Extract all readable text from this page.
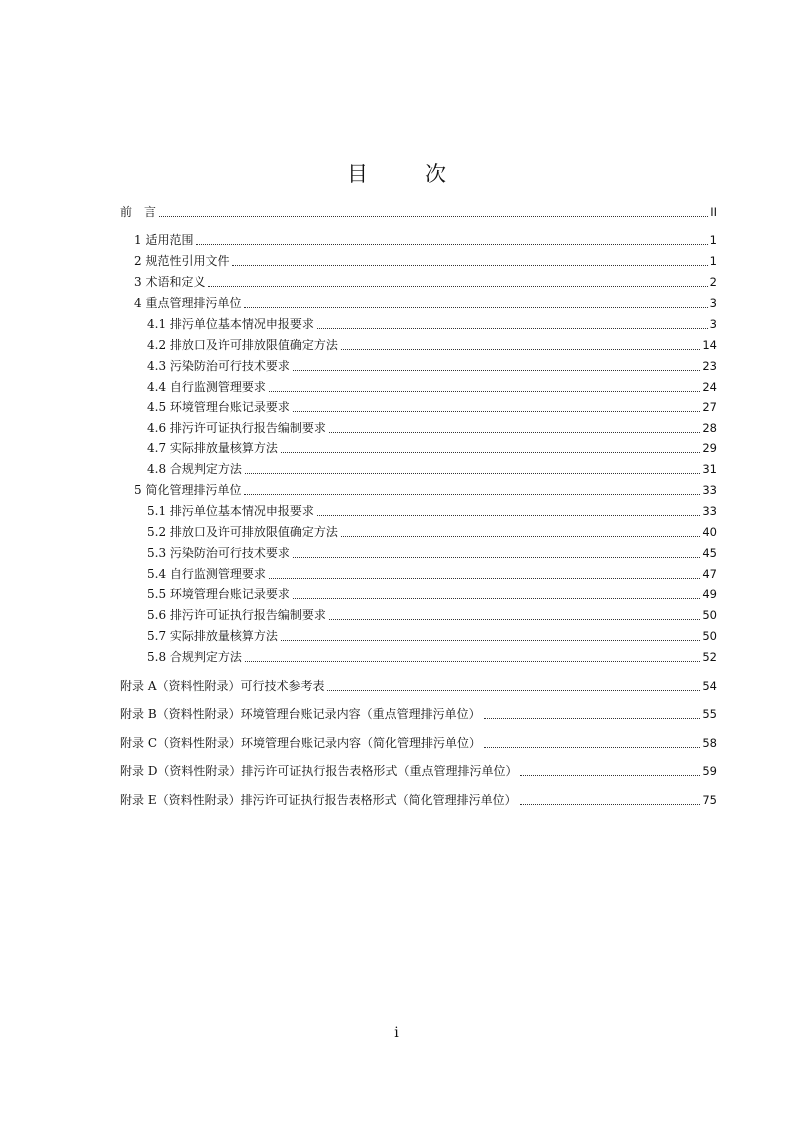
目　次
前　言	II
1 适用范围	1
2 规范性引用文件	1
3 术语和定义	2
4 重点管理排污单位	3
4.1 排污单位基本情况申报要求	3
4.2 排放口及许可排放限值确定方法	14
4.3 污染防治可行技术要求	23
4.4 自行监测管理要求	24
4.5 环境管理台账记录要求	27
4.6 排污许可证执行报告编制要求	28
4.7 实际排放量核算方法	29
4.8 合规判定方法	31
5 简化管理排污单位	33
5.1 排污单位基本情况申报要求	33
5.2 排放口及许可排放限值确定方法	40
5.3 污染防治可行技术要求	45
5.4 自行监测管理要求	47
5.5 环境管理台账记录要求	49
5.6 排污许可证执行报告编制要求	50
5.7 实际排放量核算方法	50
5.8 合规判定方法	52
附录 A（资料性附录）可行技术参考表	54
附录 B（资料性附录）环境管理台账记录内容（重点管理排污单位）	55
附录 C（资料性附录）环境管理台账记录内容（简化管理排污单位）	58
附录 D（资料性附录）排污许可证执行报告表格形式（重点管理排污单位）	59
附录 E（资料性附录）排污许可证执行报告表格形式（简化管理排污单位）	75
i
